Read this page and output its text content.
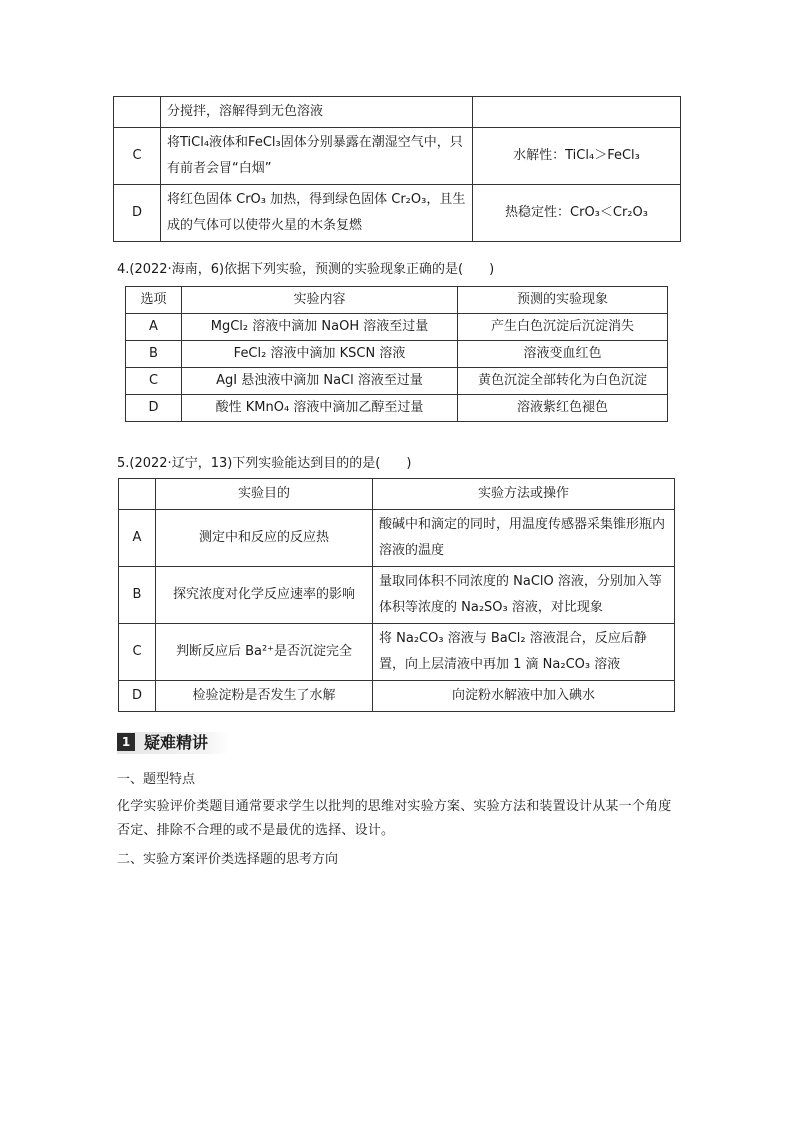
	分搅拌，溶解得到无色溶液	
C	将TiCl₄液体和FeCl₃固体分别暴露在潮湿空气中，只有前者会冒“白烟”	水解性：TiCl₄＞FeCl₃
D	将红色固体 CrO₃ 加热，得到绿色固体 Cr₂O₃，且生成的气体可以使带火星的木条复燃	热稳定性：CrO₃＜Cr₂O₃
4.(2022·海南，6)依据下列实验，预测的实验现象正确的是(　　)
选项	实验内容	预测的实验现象
A	MgCl₂ 溶液中滴加 NaOH 溶液至过量	产生白色沉淀后沉淀消失
B	FeCl₂ 溶液中滴加 KSCN 溶液	溶液变血红色
C	AgI 悬浊液中滴加 NaCl 溶液至过量	黄色沉淀全部转化为白色沉淀
D	酸性 KMnO₄ 溶液中滴加乙醇至过量	溶液紫红色褪色
5.(2022·辽宁，13)下列实验能达到目的的是(　　)
	实验目的	实验方法或操作
A	测定中和反应的反应热	酸碱中和滴定的同时，用温度传感器采集锥形瓶内溶液的温度
B	探究浓度对化学反应速率的影响	量取同体积不同浓度的 NaClO 溶液，分别加入等体积等浓度的 Na₂SO₃ 溶液，对比现象
C	判断反应后 Ba²⁺是否沉淀完全	将 Na₂CO₃ 溶液与 BaCl₂ 溶液混合，反应后静置，向上层清液中再加 1 滴 Na₂CO₃ 溶液
D	检验淀粉是否发生了水解	向淀粉水解液中加入碘水
1 疑难精讲
一、题型特点
化学实验评价类题目通常要求学生以批判的思维对实验方案、实验方法和装置设计从某一个角度否定、排除不合理的或不是最优的选择、设计。
二、实验方案评价类选择题的思考方向
